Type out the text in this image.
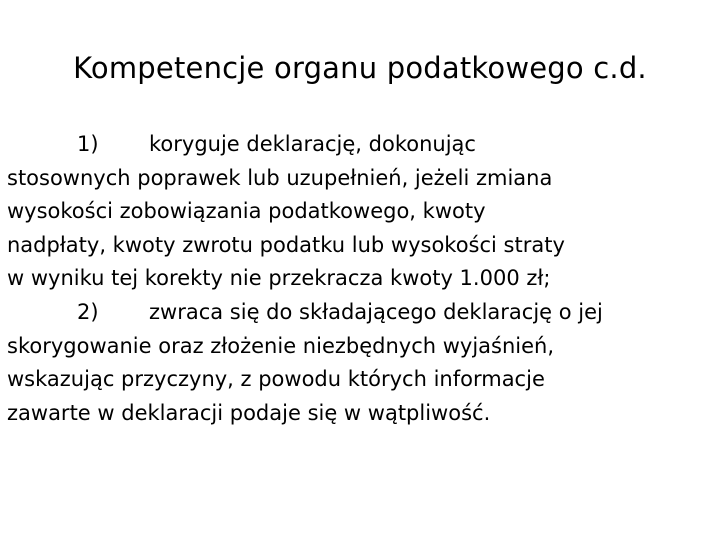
Kompetencje organu podatkowego c.d.
1) koryguje deklarację, dokonując
stosownych poprawek lub uzupełnień, jeżeli zmiana
wysokości zobowiązania podatkowego, kwoty
nadpłaty, kwoty zwrotu podatku lub wysokości straty
w wyniku tej korekty nie przekracza kwoty 1.000 zł;
2) zwraca się do składającego deklarację o jej
skorygowanie oraz złożenie niezbędnych wyjaśnień,
wskazując przyczyny, z powodu których informacje
zawarte w deklaracji podaje się w wątpliwość.
